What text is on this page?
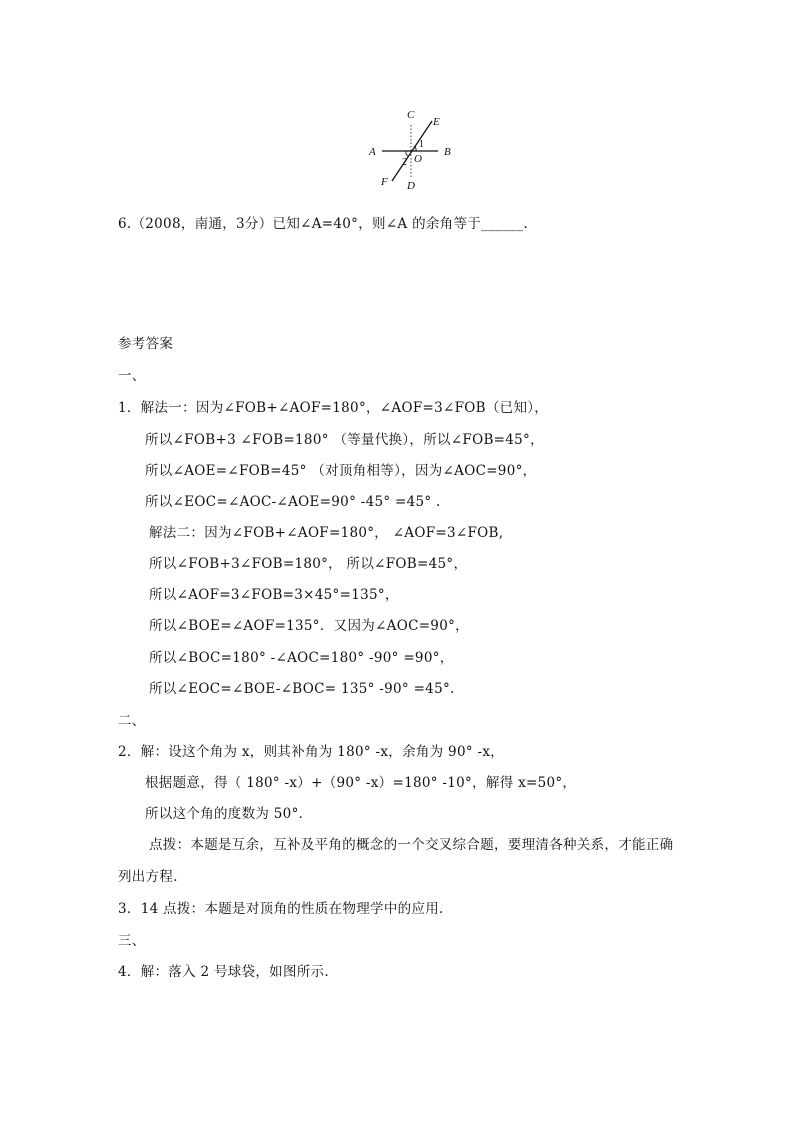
C
E
A	B
O
F D
1
2
6.（2008，南通，3分）已知∠A=40°，则∠A 的余角等于______.
参考答案
一、
1．解法一：因为∠FOB+∠AOF=180°，∠AOF=3∠FOB（已知），
所以∠FOB+3 ∠FOB=180° （等量代换），所以∠FOB=45°，
所以∠AOE=∠FOB=45° （对顶角相等），因为∠AOC=90°，
所以∠EOC=∠AOC-∠AOE=90° -45° =45° .
解法二：因为∠FOB+∠AOF=180°， ∠AOF=3∠FOB,
所以∠FOB+3∠FOB=180°， 所以∠FOB=45°，
所以∠AOF=3∠FOB=3×45°=135°，
所以∠BOE=∠AOF=135°．又因为∠AOC=90°，
所以∠BOC=180° -∠AOC=180° -90° =90°，
所以∠EOC=∠BOE-∠BOC= 135° -90° =45°.
二、
2．解：设这个角为 x，则其补角为 180° -x，余角为 90° -x，
根据题意，得（ 180° -x）+（90° -x）=180° -10°，解得 x=50°，
所以这个角的度数为 50°．
点拨：本题是互余，互补及平角的概念的一个交叉综合题，要理清各种关系，才能正确
列出方程.
3．14 点拨：本题是对顶角的性质在物理学中的应用.
三、
4．解：落入 2 号球袋，如图所示.
